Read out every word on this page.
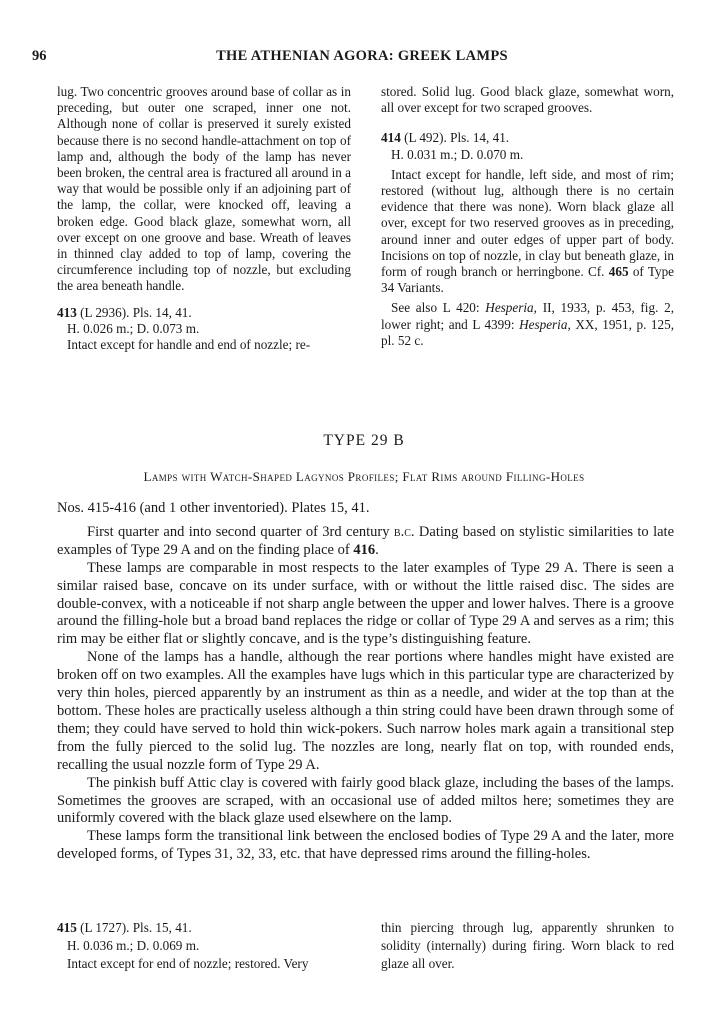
96	THE ATHENIAN AGORA: GREEK LAMPS

lug. Two concentric grooves around base of collar as in preceding, but outer one scraped, inner one not. Although none of collar is preserved it surely existed because there is no second handle-attachment on top of lamp and, although the body of the lamp has never been broken, the central area is fractured all around in a way that would be possible only if an adjoining part of the lamp, the collar, were knocked off, leaving a broken edge. Good black glaze, somewhat worn, all over except on one groove and base. Wreath of leaves in thinned clay added to top of lamp, covering the circumference including top of nozzle, but excluding the area beneath handle.

413 (L 2936). Pls. 14, 41.

H. 0.026 m.; D. 0.073 m.

Intact except for handle and end of nozzle; re-

stored. Solid lug. Good black glaze, somewhat worn, all over except for two scraped grooves.

414 (L 492). Pls. 14, 41.

H. 0.031 m.; D. 0.070 m.

Intact except for handle, left side, and most of rim; restored (without lug, although there is no certain evidence that there was none). Worn black glaze all over, except for two reserved grooves as in preceding, around inner and outer edges of upper part of body. Incisions on top of nozzle, in clay but beneath glaze, in form of rough branch or herringbone. Cf. 465 of Type 34 Variants.

See also L 420: Hesperia, II, 1933, p. 453, fig. 2, lower right; and L 4399: Hesperia, XX, 1951, p. 125, pl. 52 c.

TYPE 29 B
Lamps with Watch-Shaped Lagynos Profiles; Flat Rims around Filling-Holes

Nos. 415-416 (and 1 other inventoried). Plates 15, 41.

First quarter and into second quarter of 3rd century b.c. Dating based on stylistic similarities to late examples of Type 29 A and on the finding place of 416.

These lamps are comparable in most respects to the later examples of Type 29 A. There is seen a similar raised base, concave on its under surface, with or without the little raised disc. The sides are double-convex, with a noticeable if not sharp angle between the upper and lower halves. There is a groove around the filling-hole but a broad band replaces the ridge or collar of Type 29 A and serves as a rim; this rim may be either flat or slightly concave, and is the type’s distinguishing feature.

None of the lamps has a handle, although the rear portions where handles might have existed are broken off on two examples. All the examples have lugs which in this particular type are characterized by very thin holes, pierced apparently by an instrument as thin as a needle, and wider at the top than at the bottom. These holes are practically useless although a thin string could have been drawn through some of them; they could have served to hold thin wick-pokers. Such narrow holes mark again a transitional step from the fully pierced to the solid lug. The nozzles are long, nearly flat on top, with rounded ends, recalling the usual nozzle form of Type 29 A.

The pinkish buff Attic clay is covered with fairly good black glaze, including the bases of the lamps. Sometimes the grooves are scraped, with an occasional use of added miltos here; sometimes they are uniformly covered with the black glaze used elsewhere on the lamp.

These lamps form the transitional link between the enclosed bodies of Type 29 A and the later, more developed forms, of Types 31, 32, 33, etc. that have depressed rims around the filling-holes.

415 (L 1727). Pls. 15, 41.

H. 0.036 m.; D. 0.069 m.

Intact except for end of nozzle; restored. Very

thin piercing through lug, apparently shrunken to solidity (internally) during firing. Worn black to red glaze all over.
